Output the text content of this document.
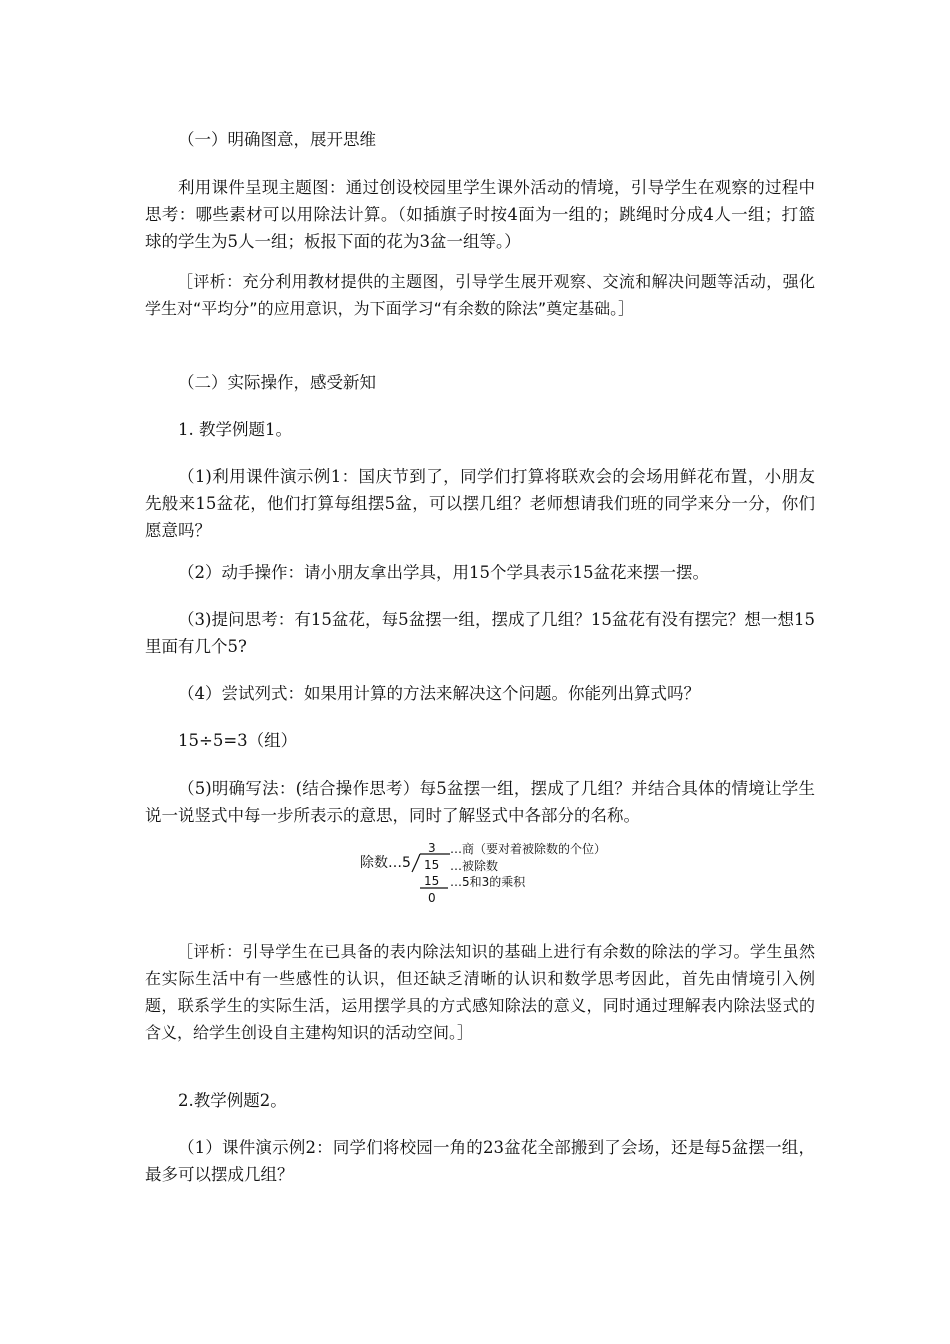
（一）明确图意，展开思维

利用课件呈现主题图：通过创设校园里学生课外活动的情境，引导学生在观察的过程中思考：哪些素材可以用除法计算。（如插旗子时按4面为一组的；跳绳时分成4人一组；打篮球的学生为5人一组；板报下面的花为3盆一组等。）

［评析：充分利用教材提供的主题图，引导学生展开观察、交流和解决问题等活动，强化学生对“平均分”的应用意识，为下面学习“有余数的除法”奠定基础。］

（二）实际操作，感受新知

1. 教学例题1。

（1)利用课件演示例1：国庆节到了，同学们打算将联欢会的会场用鲜花布置，小朋友先般来15盆花，他们打算每组摆5盆，可以摆几组？老师想请我们班的同学来分一分，你们愿意吗？

（2）动手操作：请小朋友拿出学具，用15个学具表示15盆花来摆一摆。

（3)提问思考：有15盆花，每5盆摆一组，摆成了几组？15盆花有没有摆完？想一想15里面有几个5?

（4）尝试列式：如果用计算的方法来解决这个问题。你能列出算式吗？

15÷5=3（组）

（5)明确写法：(结合操作思考）每5盆摆一组，摆成了几组？并结合具体的情境让学生说一说竖式中每一步所表示的意思，同时了解竖式中各部分的名称。

除数…5
3
15
15
0
…商（要对着被除数的个位）
…被除数
…5和3的乘积

［评析：引导学生在已具备的表内除法知识的基础上进行有余数的除法的学习。学生虽然在实际生活中有一些感性的认识，但还缺乏清晰的认识和数学思考因此，首先由情境引入例题，联系学生的实际生活，运用摆学具的方式感知除法的意义，同时通过理解表内除法竖式的含义，给学生创设自主建构知识的活动空间。］

2.教学例题2。

（1）课件演示例2：同学们将校园一角的23盆花全部搬到了会场，还是每5盆摆一组，最多可以摆成几组？
